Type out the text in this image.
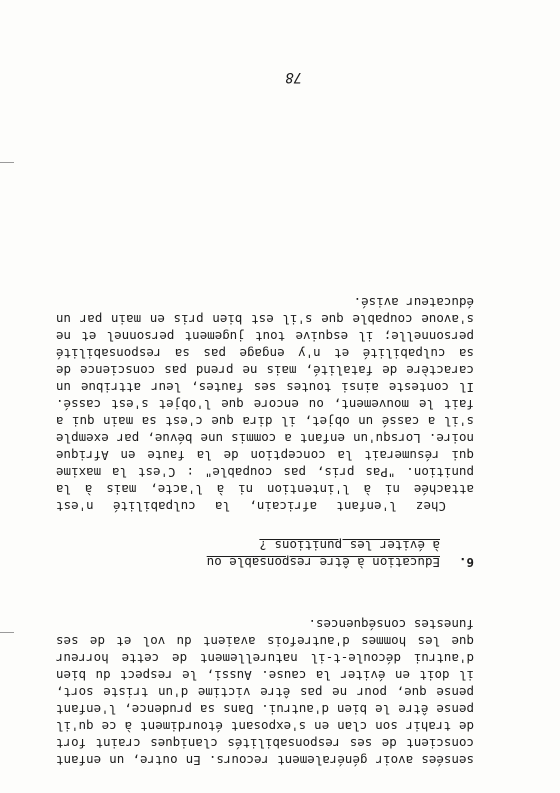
78
sensées avoir généralement recours. En outre, un enfant
conscient de ses responsabilités claniques craint fort
de trahir son clan en s'exposant étourdiment à ce qu'il
pense être le bien d'autrui. Dans sa prudence, l'enfant
pense que, pour ne pas être victime d'un triste sort,
il doit en éviter la cause. Aussi, le respect du bien
d'autrui découle-t-il naturellement de cette horreur
que les hommes d'autrefois avaient du vol et de ses
funestes conséquences.
6.
Education à être responsable ou
à éviter les punitions ?
Chez l'enfant africain, la culpabilité n'est
attachée ni à l'intention ni à l'acte, mais à la
punition. "Pas pris, pas coupable" : C'est la maxime
qui résumerait la conception de la faute en Afrique
noire. Lorsqu'un enfant a commis une bévue, par exemple
s'il a cassé un objet, il dira que c'est sa main qui a
fait le mouvement, ou encore que l'objet s'est cassé.
Il conteste ainsi toutes ses fautes, leur attribue un
caractère de fatalité, mais ne prend pas conscience de
sa culpabilité et n'y engage pas sa responsabilité
personnelle; il esquive tout jugement personnel et ne
s'avoue coupable que s'il est bien pris en main par un
éducateur avisé.
